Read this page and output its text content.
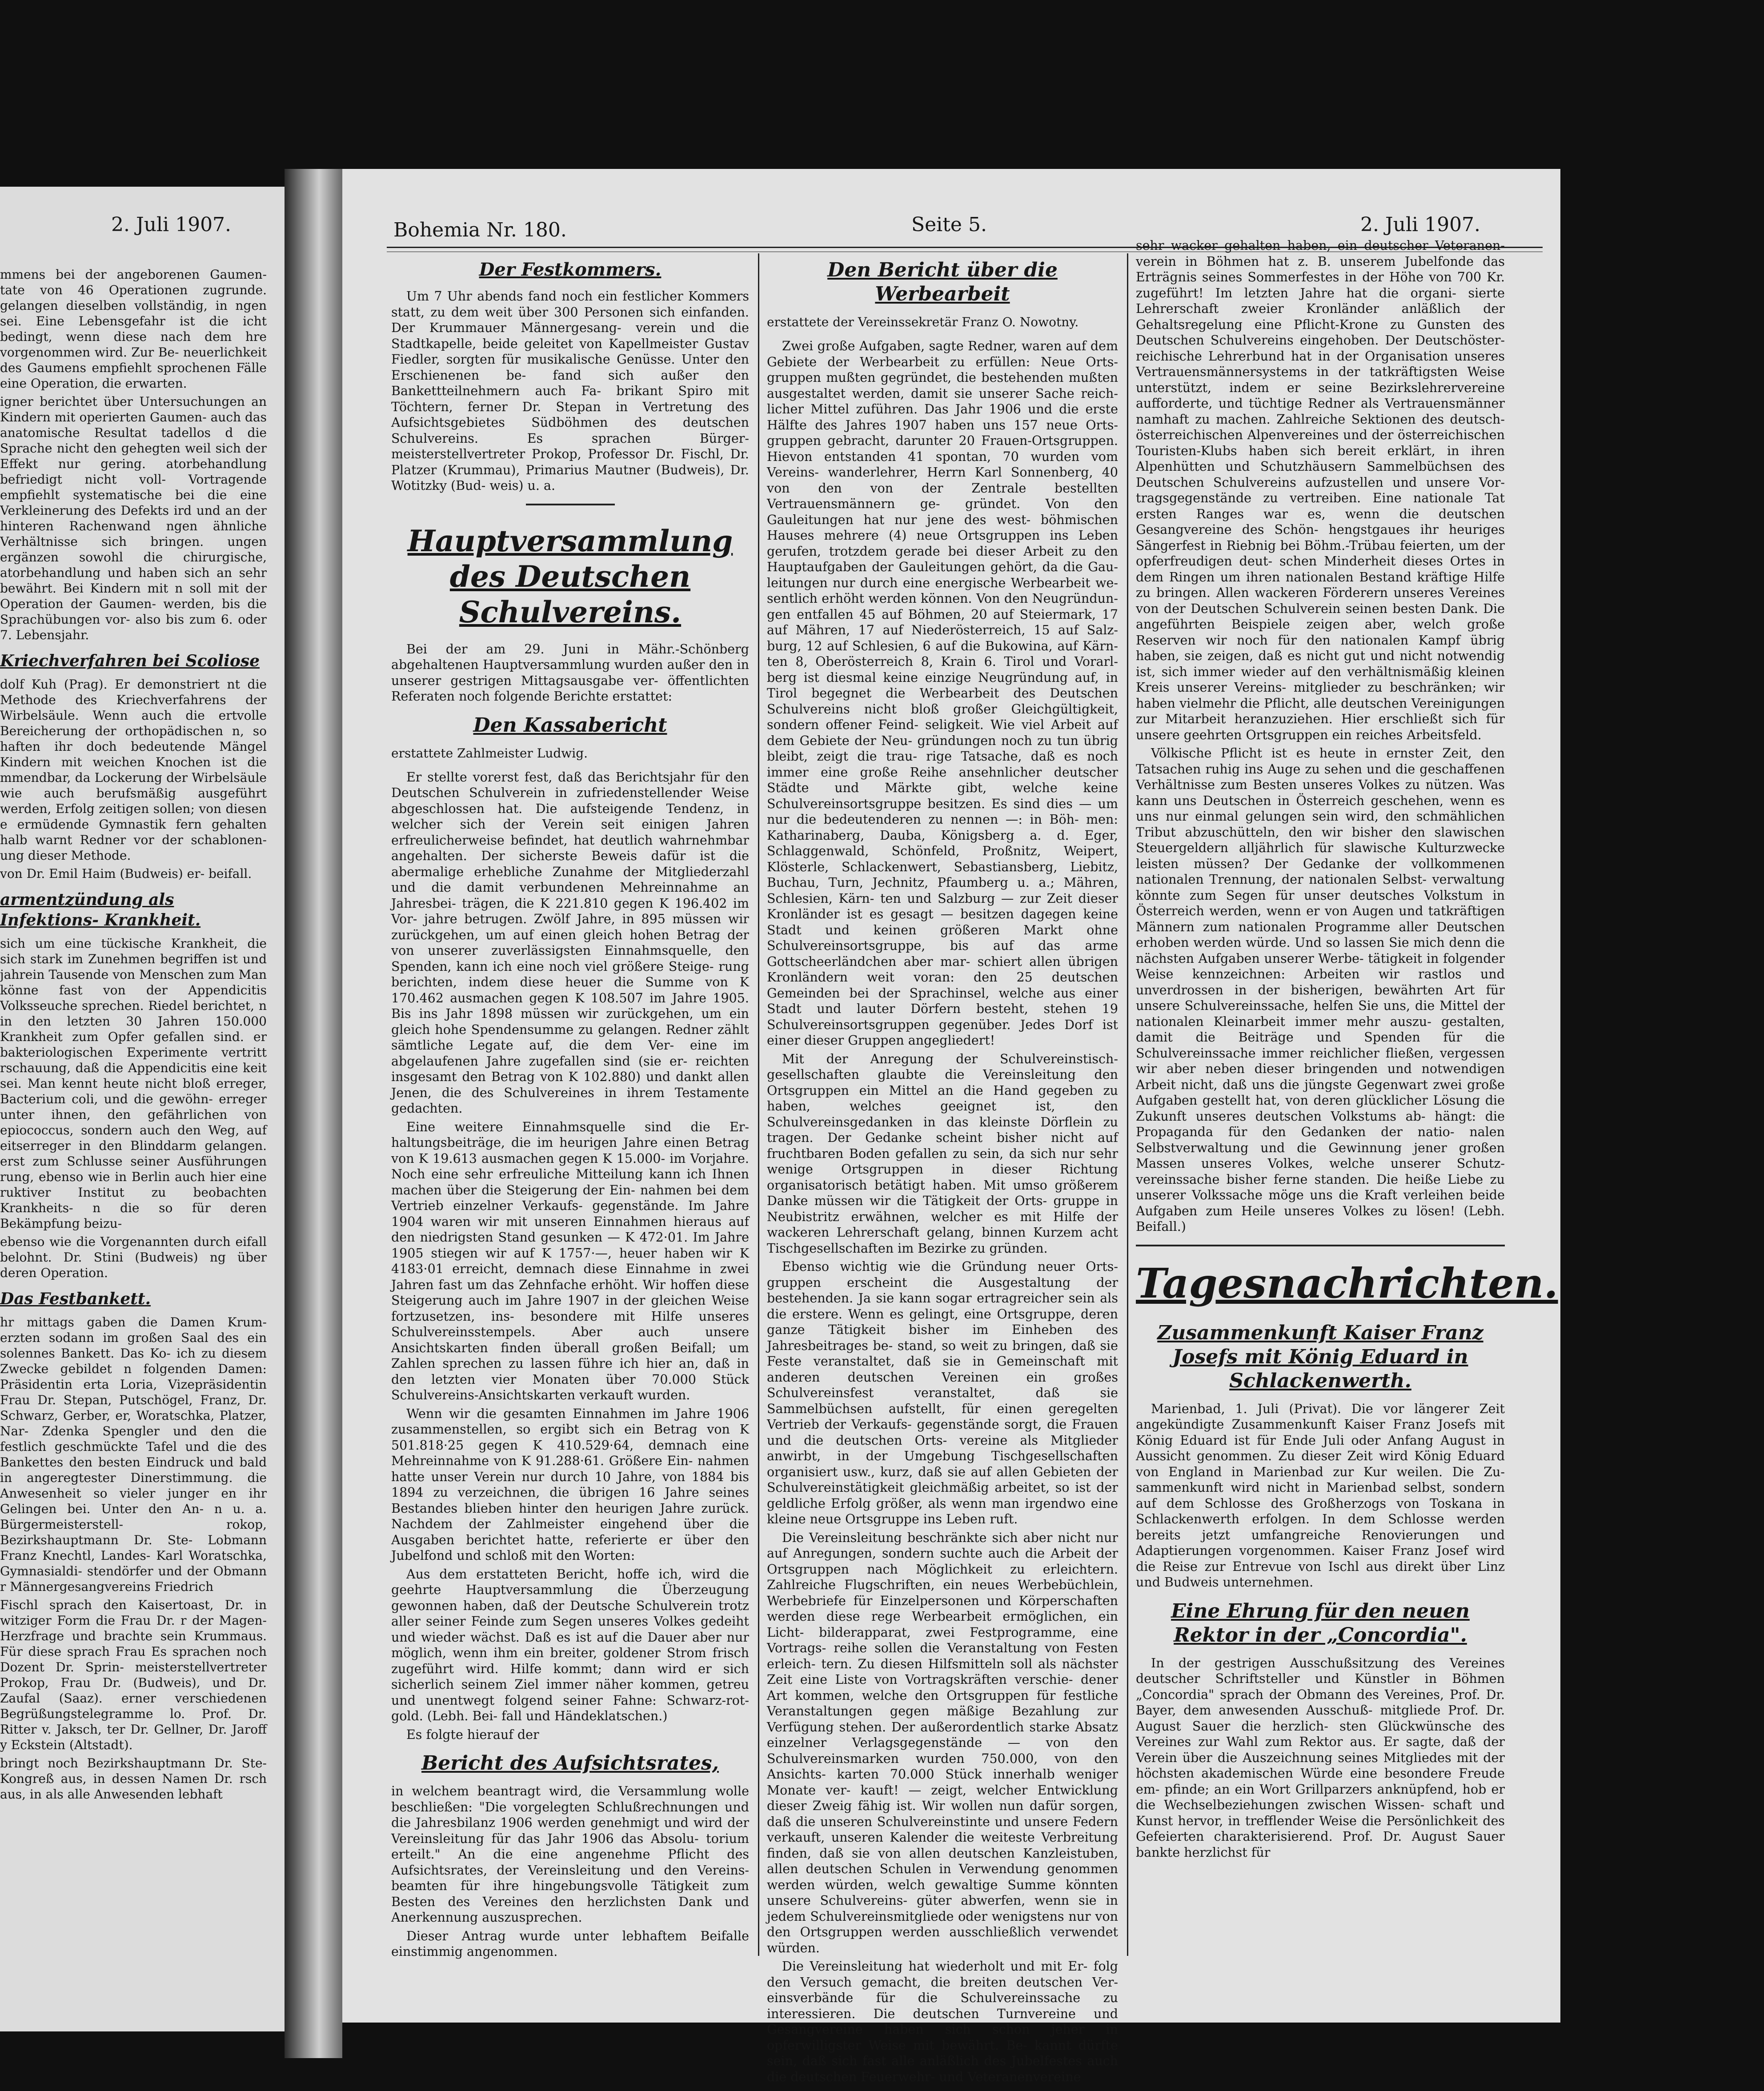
2. Juli 1907.

mmens bei der angeborenen Gaumen- tate von 46 Operationen zugrunde. gelangen dieselben vollständig, in ngen sei. Eine Lebensgefahr ist die icht bedingt, wenn diese nach dem hre vorgenommen wird. Zur Be- neuerlichkeit des Gaumens empfiehlt sprochenen Fälle eine Operation, die erwarten.

igner berichtet über Untersuchungen an Kindern mit operierten Gaumen- auch das anatomische Resultat tadellos d die Sprache nicht den gehegten weil sich der Effekt nur gering. atorbehandlung befriedigt nicht voll- Vortragende empfiehlt systematische bei die eine Verkleinerung des Defekts ird und an der hinteren Rachenwand ngen ähnliche Verhältnisse sich bringen. ungen ergänzen sowohl die chirurgische, atorbehandlung und haben sich an sehr bewährt. Bei Kindern mit n soll mit der Operation der Gaumen- werden, bis die Sprachübungen vor- also bis zum 6. oder 7. Lebensjahr.

Kriechverfahren bei Scoliose

dolf Kuh (Prag). Er demonstriert nt die Methode des Kriechverfahrens der Wirbelsäule. Wenn auch die ertvolle Bereicherung der orthopädischen n, so haften ihr doch bedeutende Mängel Kindern mit weichen Knochen ist die mmendbar, da Lockerung der Wirbelsäule wie auch berufsmäßig ausgeführt werden, Erfolg zeitigen sollen; von diesen e ermüdende Gymnastik fern gehalten halb warnt Redner vor der schablonen- ung dieser Methode.

von Dr. Emil Haim (Budweis) er- beifall.

armentzündung als Infektions- Krankheit.

sich um eine tückische Krankheit, die sich stark im Zunehmen begriffen ist und jahrein Tausende von Menschen zum Man könne fast von der Appendicitis Volksseuche sprechen. Riedel berichtet, n in den letzten 30 Jahren 150.000 Krankheit zum Opfer gefallen sind. er bakteriologischen Experimente vertritt rschauung, daß die Appendicitis eine keit sei. Man kennt heute nicht bloß erreger, Bacterium coli, und die gewöhn- erreger unter ihnen, den gefährlichen von epiococcus, sondern auch den Weg, auf eitserreger in den Blinddarm gelangen. erst zum Schlusse seiner Ausführungen rung, ebenso wie in Berlin auch hier eine ruktiver Institut zu beobachten Krankheits- n die so für deren Bekämpfung beizu-

ebenso wie die Vorgenannten durch eifall belohnt. Dr. Stini (Budweis) ng über deren Operation.

Das Festbankett.

hr mittags gaben die Damen Krum- erzten sodann im großen Saal des ein solennes Bankett. Das Ko- ich zu diesem Zwecke gebildet n folgenden Damen: Präsidentin erta Loria, Vizepräsidentin Frau Dr. Stepan, Putschögel, Franz, Dr. Schwarz, Gerber, er, Woratschka, Platzer, Nar- Zdenka Spengler und den die festlich geschmückte Tafel und die des Bankettes den besten Eindruck und bald in angeregtester Dinerstimmung. die Anwesenheit so vieler junger en ihr Gelingen bei. Unter den An- n u. a. Bürgermeisterstell- rokop, Bezirkshauptmann Dr. Ste- Lobmann Franz Knechtl, Landes- Karl Woratschka, Gymnasialdi- stendörfer und der Obmann r Männergesangvereins Friedrich

Fischl sprach den Kaisertoast, Dr. in witziger Form die Frau Dr. r der Magen-Herzfrage und brachte sein Krummaus. Für diese sprach Frau Es sprachen noch Dozent Dr. Sprin- meisterstellvertreter Prokop, Frau Dr. (Budweis), und Dr. Zaufal (Saaz). erner verschiedenen Begrüßungstelegramme lo. Prof. Dr. Ritter v. Jaksch, ter Dr. Gellner, Dr. Jaroff y Eckstein (Altstadt).

bringt noch Bezirkshauptmann Dr. Ste- Kongreß aus, in dessen Namen Dr. rsch aus, in als alle Anwesenden lebhaft

Bohemia Nr. 180.	Seite 5.	2. Juli 1907.
Der Festkommers.

Um 7 Uhr abends fand noch ein festlicher Kommers statt, zu dem weit über 300 Personen sich einfanden. Der Krummauer Männergesang- verein und die Stadtkapelle, beide geleitet von Kapellmeister Gustav Fiedler, sorgten für musikalische Genüsse. Unter den Erschienenen be- fand sich außer den Bankettteilnehmern auch Fa- brikant Spiro mit Töchtern, ferner Dr. Stepan in Vertretung des Aufsichtsgebietes Südböhmen des deutschen Schulvereins. Es sprachen Bürger- meisterstellvertreter Prokop, Professor Dr. Fischl, Dr. Platzer (Krummau), Primarius Mautner (Budweis), Dr. Wotitzky (Bud- weis) u. a.

Hauptversammlung des Deutschen Schulvereins.

Bei der am 29. Juni in Mähr.-Schönberg abgehaltenen Hauptversammlung wurden außer den in unserer gestrigen Mittagsausgabe ver- öffentlichten Referaten noch folgende Berichte erstattet:

Den Kassabericht

erstattete Zahlmeister Ludwig.

Er stellte vorerst fest, daß das Berichtsjahr für den Deutschen Schulverein in zufriedenstellender Weise abgeschlossen hat. Die aufsteigende Tendenz, in welcher sich der Verein seit einigen Jahren erfreulicherweise befindet, hat deutlich wahrnehmbar angehalten. Der sicherste Beweis dafür ist die abermalige erhebliche Zunahme der Mitgliederzahl und die damit verbundenen Mehreinnahme an Jahresbei- trägen, die K 221.810 gegen K 196.402 im Vor- jahre betrugen. Zwölf Jahre, in 895 müssen wir zurückgehen, um auf einen gleich hohen Betrag der von unserer zuverlässigsten Einnahmsquelle, den Spenden, kann ich eine noch viel größere Steige- rung berichten, indem diese heuer die Summe von K 170.462 ausmachen gegen K 108.507 im Jahre 1905. Bis ins Jahr 1898 müssen wir zurückgehen, um ein gleich hohe Spendensumme zu gelangen. Redner zählt sämtliche Legate auf, die dem Ver- eine im abgelaufenen Jahre zugefallen sind (sie er- reichten insgesamt den Betrag von K 102.880) und dankt allen Jenen, die des Schulvereines in ihrem Testamente gedachten.

Eine weitere Einnahmsquelle sind die Er- haltungsbeiträge, die im heurigen Jahre einen Betrag von K 19.613 ausmachen gegen K 15.000- im Vorjahre. Noch eine sehr erfreuliche Mitteilung kann ich Ihnen machen über die Steigerung der Ein- nahmen bei dem Vertrieb einzelner Verkaufs- gegenstände. Im Jahre 1904 waren wir mit unseren Einnahmen hieraus auf den niedrigsten Stand gesunken — K 472·01. Im Jahre 1905 stiegen wir auf K 1757·—, heuer haben wir K 4183·01 erreicht, demnach diese Einnahme in zwei Jahren fast um das Zehnfache erhöht. Wir hoffen diese Steigerung auch im Jahre 1907 in der gleichen Weise fortzusetzen, ins- besondere mit Hilfe unseres Schulvereinsstempels. Aber auch unsere Ansichtskarten finden überall großen Beifall; um Zahlen sprechen zu lassen führe ich hier an, daß in den letzten vier Monaten über 70.000 Stück Schulvereins-Ansichtskarten verkauft wurden.

Wenn wir die gesamten Einnahmen im Jahre 1906 zusammenstellen, so ergibt sich ein Betrag von K 501.818·25 gegen K 410.529·64, demnach eine Mehreinnahme von K 91.288·61. Größere Ein- nahmen hatte unser Verein nur durch 10 Jahre, von 1884 bis 1894 zu verzeichnen, die übrigen 16 Jahre seines Bestandes blieben hinter den heurigen Jahre zurück. Nachdem der Zahlmeister eingehend über die Ausgaben berichtet hatte, referierte er über den Jubelfond und schloß mit den Worten:

Aus dem erstatteten Bericht, hoffe ich, wird die geehrte Hauptversammlung die Überzeugung gewonnen haben, daß der Deutsche Schulverein trotz aller seiner Feinde zum Segen unseres Volkes gedeiht und wieder wächst. Daß es ist auf die Dauer aber nur möglich, wenn ihm ein breiter, goldener Strom frisch zugeführt wird. Hilfe kommt; dann wird er sich sicherlich seinem Ziel immer näher kommen, getreu und unentwegt folgend seiner Fahne: Schwarz-rot-gold. (Lebh. Bei- fall und Händeklatschen.)

Es folgte hierauf der

Bericht des Aufsichtsrates,

in welchem beantragt wird, die Versammlung wolle beschließen: "Die vorgelegten Schlußrechnungen und die Jahresbilanz 1906 werden genehmigt und wird der Vereinsleitung für das Jahr 1906 das Absolu- torium erteilt." An die eine angenehme Pflicht des Aufsichtsrates, der Vereinsleitung und den Vereins- beamten für ihre hingebungsvolle Tätigkeit zum Besten des Vereines den herzlichsten Dank und Anerkennung auszusprechen.

Dieser Antrag wurde unter lebhaftem Beifalle einstimmig angenommen.

Den Bericht über die Werbearbeit

erstattete der Vereinssekretär Franz O. Nowotny.

Zwei große Aufgaben, sagte Redner, waren auf dem Gebiete der Werbearbeit zu erfüllen: Neue Orts- gruppen mußten gegründet, die bestehenden mußten ausgestaltet werden, damit sie unserer Sache reich- licher Mittel zuführen. Das Jahr 1906 und die erste Hälfte des Jahres 1907 haben uns 157 neue Orts- gruppen gebracht, darunter 20 Frauen-Ortsgruppen. Hievon entstanden 41 spontan, 70 wurden vom Vereins- wanderlehrer, Herrn Karl Sonnenberg, 40 von den von der Zentrale bestellten Vertrauensmännern ge- gründet. Von den Gauleitungen hat nur jene des west- böhmischen Hauses mehrere (4) neue Ortsgruppen ins Leben gerufen, trotzdem gerade bei dieser Arbeit zu den Hauptaufgaben der Gauleitungen gehört, da die Gau- leitungen nur durch eine energische Werbearbeit we- sentlich erhöht werden können. Von den Neugründun- gen entfallen 45 auf Böhmen, 20 auf Steiermark, 17 auf Mähren, 17 auf Niederösterreich, 15 auf Salz- burg, 12 auf Schlesien, 6 auf die Bukowina, auf Kärn- ten 8, Oberösterreich 8, Krain 6. Tirol und Vorarl- berg ist diesmal keine einzige Neugründung auf, in Tirol begegnet die Werbearbeit des Deutschen Schulvereins nicht bloß großer Gleichgültigkeit, sondern offener Feind- seligkeit. Wie viel Arbeit auf dem Gebiete der Neu- gründungen noch zu tun übrig bleibt, zeigt die trau- rige Tatsache, daß es noch immer eine große Reihe ansehnlicher deutscher Städte und Märkte gibt, welche keine Schulvereinsortsgruppe besitzen. Es sind dies — um nur die bedeutenderen zu nennen —: in Böh- men: Katharinaberg, Dauba, Königsberg a. d. Eger, Schlaggenwald, Schönfeld, Proßnitz, Weipert, Klösterle, Schlackenwert, Sebastiansberg, Liebitz, Buchau, Turn, Jechnitz, Pfaumberg u. a.; Mähren, Schlesien, Kärn- ten und Salzburg — zur Zeit dieser Kronländer ist es gesagt — besitzen dagegen keine Stadt und keinen größeren Markt ohne Schulvereinsortsgruppe, bis auf das arme Gottscheerländchen aber mar- schiert allen übrigen Kronländern weit voran: den 25 deutschen Gemeinden bei der Sprachinsel, welche aus einer Stadt und lauter Dörfern besteht, stehen 19 Schulvereinsortsgruppen gegenüber. Jedes Dorf ist einer dieser Gruppen angegliedert!

Mit der Anregung der Schulvereinstisch- gesellschaften glaubte die Vereinsleitung den Ortsgruppen ein Mittel an die Hand gegeben zu haben, welches geeignet ist, den Schulvereinsgedanken in das kleinste Dörflein zu tragen. Der Gedanke scheint bisher nicht auf fruchtbaren Boden gefallen zu sein, da sich nur sehr wenige Ortsgruppen in dieser Richtung organisatorisch betätigt haben. Mit umso größerem Danke müssen wir die Tätigkeit der Orts- gruppe in Neubistritz erwähnen, welcher es mit Hilfe der wackeren Lehrerschaft gelang, binnen Kurzem acht Tischgesellschaften im Bezirke zu gründen.

Ebenso wichtig wie die Gründung neuer Orts- gruppen erscheint die Ausgestaltung der bestehenden. Ja sie kann sogar ertragreicher sein als die erstere. Wenn es gelingt, eine Ortsgruppe, deren ganze Tätigkeit bisher im Einheben des Jahresbeitrages be- stand, so weit zu bringen, daß sie Feste veranstaltet, daß sie in Gemeinschaft mit anderen deutschen Vereinen ein großes Schulvereinsfest veranstaltet, daß sie Sammelbüchsen aufstellt, für einen geregelten Vertrieb der Verkaufs- gegenstände sorgt, die Frauen und die deutschen Orts- vereine als Mitglieder anwirbt, in der Umgebung Tischgesellschaften organisiert usw., kurz, daß sie auf allen Gebieten der Schulvereinstätigkeit gleichmäßig arbeitet, so ist der geldliche Erfolg größer, als wenn man irgendwo eine kleine neue Ortsgruppe ins Leben ruft.

Die Vereinsleitung beschränkte sich aber nicht nur auf Anregungen, sondern suchte auch die Arbeit der Ortsgruppen nach Möglichkeit zu erleichtern. Zahlreiche Flugschriften, ein neues Werbebüchlein, Werbebriefe für Einzelpersonen und Körperschaften werden diese rege Werbearbeit ermöglichen, ein Licht- bilderapparat, zwei Festprogramme, eine Vortrags- reihe sollen die Veranstaltung von Festen erleich- tern. Zu diesen Hilfsmitteln soll als nächster Zeit eine Liste von Vortragskräften verschie- dener Art kommen, welche den Ortsgruppen für festliche Veranstaltungen gegen mäßige Bezahlung zur Verfügung stehen. Der außerordentlich starke Absatz einzelner Verlagsgegenstände — von den Schulvereinsmarken wurden 750.000, von den Ansichts- karten 70.000 Stück innerhalb weniger Monate ver- kauft! — zeigt, welcher Entwicklung dieser Zweig fähig ist. Wir wollen nun dafür sorgen, daß die unseren Schulvereinstinte und unsere Federn verkauft, unseren Kalender die weiteste Verbreitung finden, daß sie von allen deutschen Kanzleistuben, allen deutschen Schulen in Verwendung genommen werden würden, welch gewaltige Summe könnten unsere Schulvereins- güter abwerfen, wenn sie in jedem Schulvereinsmitgliede oder wenigstens nur von den Ortsgruppen werden ausschließlich verwendet würden.

Die Vereinsleitung hat wiederholt und mit Er- folg den Versuch gemacht, die breiten deutschen Ver- einsverbände für die Schulvereinssache zu interessieren. Die deutschen Turnvereine und Gesangvereine haben sich schon jeher in opferwilligster Weise mit bewährt. Be- kannt dürfte sein, daß sich fast alle anläßlich des Jubelfestes auch die deutschen Feuerwehr- und Veteranenvereine

sehr wacker gehalten haben, ein deutscher Veteranen- verein in Böhmen hat z. B. unserem Jubelfonde das Erträgnis seines Sommerfestes in der Höhe von 700 Kr. zugeführt! Im letzten Jahre hat die organi- sierte Lehrerschaft zweier Kronländer anläßlich der Gehaltsregelung eine Pflicht-Krone zu Gunsten des Deutschen Schulvereins eingehoben. Der Deutschöster- reichische Lehrerbund hat in der Organisation unseres Vertrauensmännersystems in der tatkräftigsten Weise unterstützt, indem er seine Bezirkslehrervereine aufforderte, und tüchtige Redner als Vertrauensmänner namhaft zu machen. Zahlreiche Sektionen des deutsch- österreichischen Alpenvereines und der österreichischen Touristen-Klubs haben sich bereit erklärt, in ihren Alpenhütten und Schutzhäusern Sammelbüchsen des Deutschen Schulvereins aufzustellen und unsere Vor- tragsgegenstände zu vertreiben. Eine nationale Tat ersten Ranges war es, wenn die deutschen Gesangvereine des Schön- hengstgaues ihr heuriges Sängerfest in Riebnig bei Böhm.-Trübau feierten, um der opferfreudigen deut- schen Minderheit dieses Ortes in dem Ringen um ihren nationalen Bestand kräftige Hilfe zu bringen. Allen wackeren Förderern unseres Vereines von der Deutschen Schulverein seinen besten Dank. Die angeführten Beispiele zeigen aber, welch große Reserven wir noch für den nationalen Kampf übrig haben, sie zeigen, daß es nicht gut und nicht notwendig ist, sich immer wieder auf den verhältnismäßig kleinen Kreis unserer Vereins- mitglieder zu beschränken; wir haben vielmehr die Pflicht, alle deutschen Vereinigungen zur Mitarbeit heranzuziehen. Hier erschließt sich für unsere geehrten Ortsgruppen ein reiches Arbeitsfeld.

Völkische Pflicht ist es heute in ernster Zeit, den Tatsachen ruhig ins Auge zu sehen und die geschaffenen Verhältnisse zum Besten unseres Volkes zu nützen. Was kann uns Deutschen in Österreich geschehen, wenn es uns nur einmal gelungen sein wird, den schmählichen Tribut abzuschütteln, den wir bisher den slawischen Steuergeldern alljährlich für slawische Kulturzwecke leisten müssen? Der Gedanke der vollkommenen nationalen Trennung, der nationalen Selbst- verwaltung könnte zum Segen für unser deutsches Volkstum in Österreich werden, wenn er von Augen und tatkräftigen Männern zum nationalen Programme aller Deutschen erhoben werden würde. Und so lassen Sie mich denn die nächsten Aufgaben unserer Werbe- tätigkeit in folgender Weise kennzeichnen: Arbeiten wir rastlos und unverdrossen in der bisherigen, bewährten Art für unsere Schulvereinssache, helfen Sie uns, die Mittel der nationalen Kleinarbeit immer mehr auszu- gestalten, damit die Beiträge und Spenden für die Schulvereinssache immer reichlicher fließen, vergessen wir aber neben dieser bringenden und notwendigen Arbeit nicht, daß uns die jüngste Gegenwart zwei große Aufgaben gestellt hat, von deren glücklicher Lösung die Zukunft unseres deutschen Volkstums ab- hängt: die Propaganda für den Gedanken der natio- nalen Selbstverwaltung und die Gewinnung jener großen Massen unseres Volkes, welche unserer Schutz- vereinssache bisher ferne standen. Die heiße Liebe zu unserer Volkssache möge uns die Kraft verleihen beide Aufgaben zum Heile unseres Volkes zu lösen! (Lebh. Beifall.)

Tagesnachrichten.
Zusammenkunft Kaiser Franz Josefs mit König Eduard in Schlackenwerth.

Marienbad, 1. Juli (Privat). Die vor längerer Zeit angekündigte Zusammenkunft Kaiser Franz Josefs mit König Eduard ist für Ende Juli oder Anfang August in Aussicht genommen. Zu dieser Zeit wird König Eduard von England in Marienbad zur Kur weilen. Die Zu- sammenkunft wird nicht in Marienbad selbst, sondern auf dem Schlosse des Großherzogs von Toskana in Schlackenwerth erfolgen. In dem Schlosse werden bereits jetzt umfangreiche Renovierungen und Adaptierungen vorgenommen. Kaiser Franz Josef wird die Reise zur Entrevue von Ischl aus direkt über Linz und Budweis unternehmen.

Eine Ehrung für den neuen Rektor in der „Concordia".

In der gestrigen Ausschußsitzung des Vereines deutscher Schriftsteller und Künstler in Böhmen „Concordia" sprach der Obmann des Vereines, Prof. Dr. Bayer, dem anwesenden Ausschuß- mitgliede Prof. Dr. August Sauer die herzlich- sten Glückwünsche des Vereines zur Wahl zum Rektor aus. Er sagte, daß der Verein über die Auszeichnung seines Mitgliedes mit der höchsten akademischen Würde eine besondere Freude em- pfinde; an ein Wort Grillparzers anknüpfend, hob er die Wechselbeziehungen zwischen Wissen- schaft und Kunst hervor, in trefflender Weise die Persönlichkeit des Gefeierten charakterisierend. Prof. Dr. August Sauer bankte herzlichst für
